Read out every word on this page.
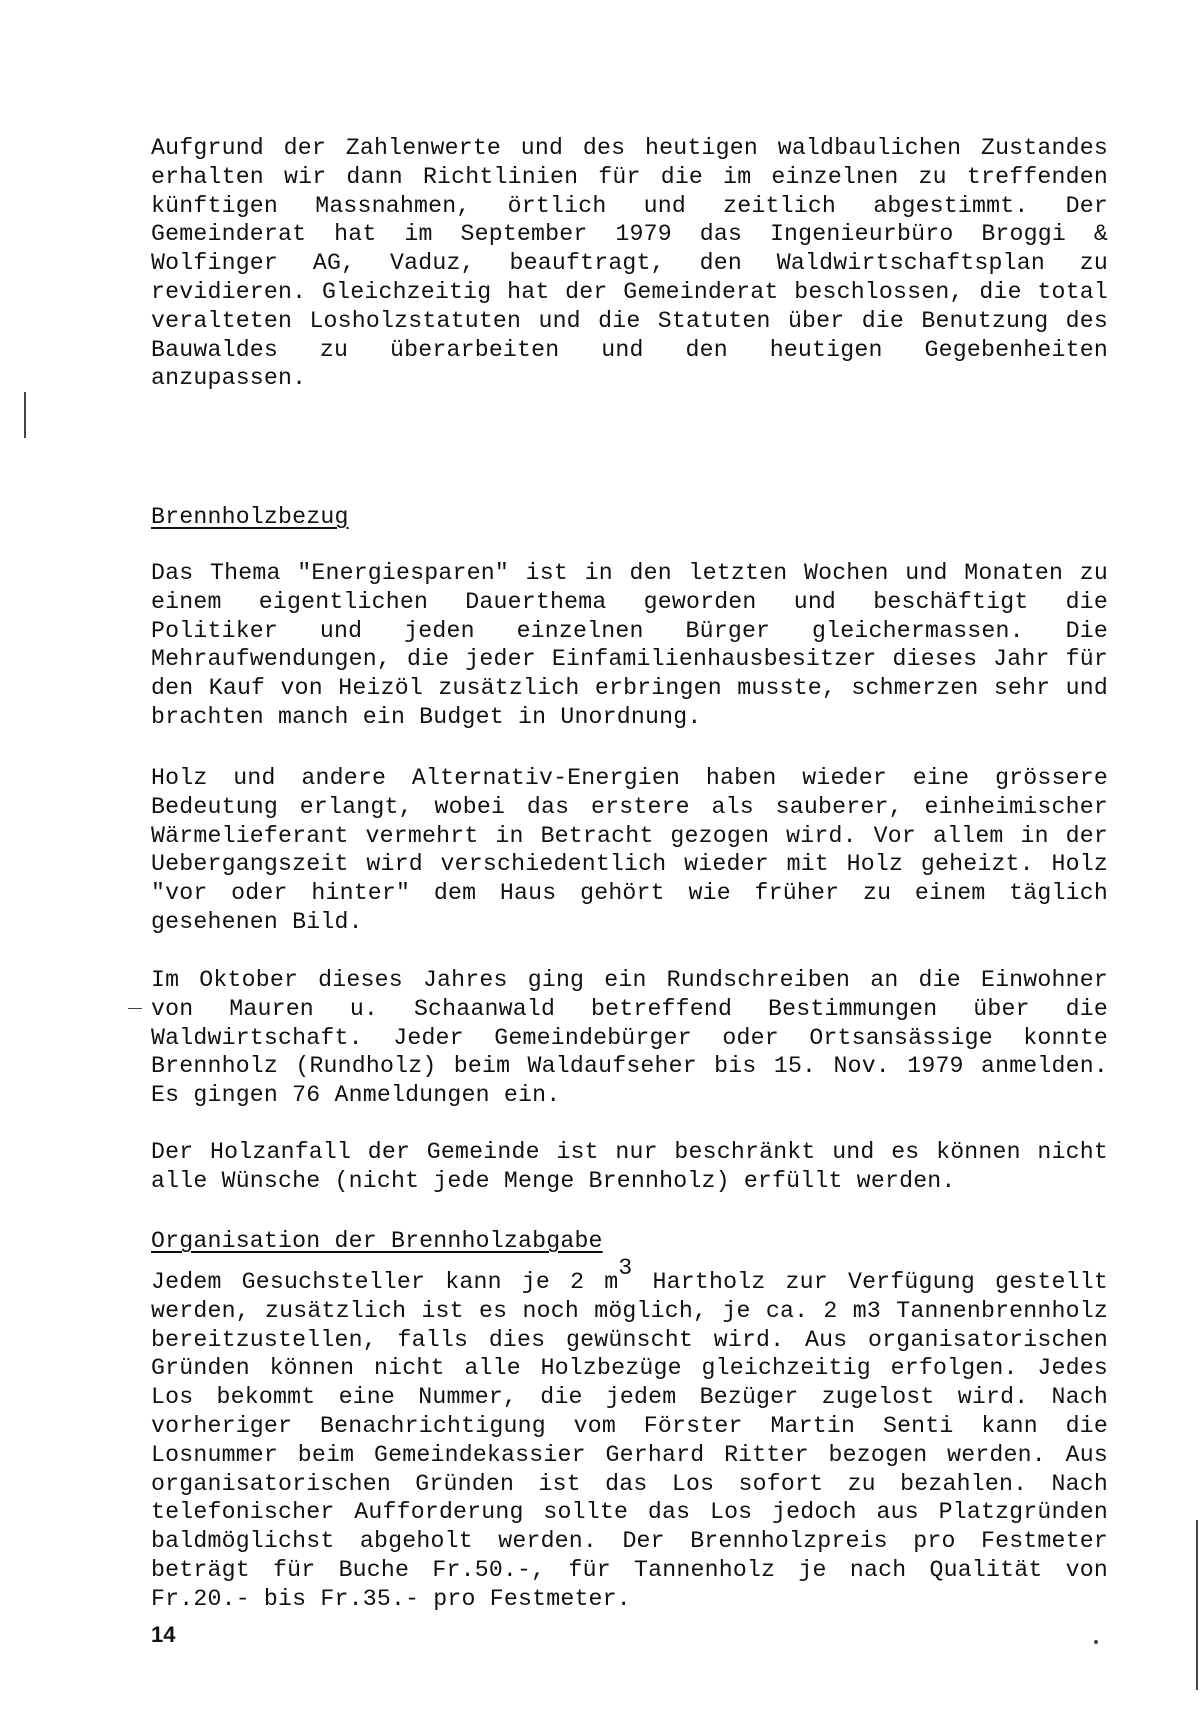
Aufgrund der Zahlenwerte und des heutigen waldbaulichen Zustandes erhalten wir dann Richtlinien für die im einzelnen zu treffenden künftigen Massnahmen, örtlich und zeitlich abgestimmt. Der Gemeinderat hat im September 1979 das Ingenieurbüro Broggi & Wolfinger AG, Vaduz, beauftragt, den Waldwirtschaftsplan zu revidieren. Gleichzeitig hat der Gemeinderat beschlossen, die total veralteten Losholzstatuten und die Statuten über die Benutzung des Bauwaldes zu überarbeiten und den heutigen Gegebenheiten anzupassen.
Brennholzbezug
Das Thema "Energiesparen" ist in den letzten Wochen und Monaten zu einem eigentlichen Dauerthema geworden und beschäftigt die Politiker und jeden einzelnen Bürger gleichermassen. Die Mehraufwendungen, die jeder Einfamilienhausbesitzer dieses Jahr für den Kauf von Heizöl zusätzlich erbringen musste, schmerzen sehr und brachten manch ein Budget in Unordnung.
Holz und andere Alternativ-Energien haben wieder eine grössere Bedeutung erlangt, wobei das erstere als sauberer, einheimischer Wärmelieferant vermehrt in Betracht gezogen wird. Vor allem in der Uebergangszeit wird verschiedentlich wieder mit Holz geheizt. Holz "vor oder hinter" dem Haus gehört wie früher zu einem täglich gesehenen Bild.
Im Oktober dieses Jahres ging ein Rundschreiben an die Einwohner von Mauren u. Schaanwald betreffend Bestimmungen über die Waldwirtschaft. Jeder Gemeindebürger oder Ortsansässige konnte Brennholz (Rundholz) beim Waldaufseher bis 15. Nov. 1979 anmelden. Es gingen 76 Anmeldungen ein.
Der Holzanfall der Gemeinde ist nur beschränkt und es können nicht alle Wünsche (nicht jede Menge Brennholz) erfüllt werden.
Organisation der Brennholzabgabe
Jedem Gesuchsteller kann je 2 m3 Hartholz zur Verfügung gestellt werden, zusätzlich ist es noch möglich, je ca. 2 m3 Tannenbrennholz bereitzustellen, falls dies gewünscht wird. Aus organisatorischen Gründen können nicht alle Holzbezüge gleichzeitig erfolgen. Jedes Los bekommt eine Nummer, die jedem Bezüger zugelost wird. Nach vorheriger Benachrichtigung vom Förster Martin Senti kann die Losnummer beim Gemeindekassier Gerhard Ritter bezogen werden. Aus organisatorischen Gründen ist das Los sofort zu bezahlen. Nach telefonischer Aufforderung sollte das Los jedoch aus Platzgründen baldmöglichst abgeholt werden. Der Brennholzpreis pro Festmeter beträgt für Buche Fr.50.-, für Tannenholz je nach Qualität von Fr.20.- bis Fr.35.- pro Festmeter.
14
